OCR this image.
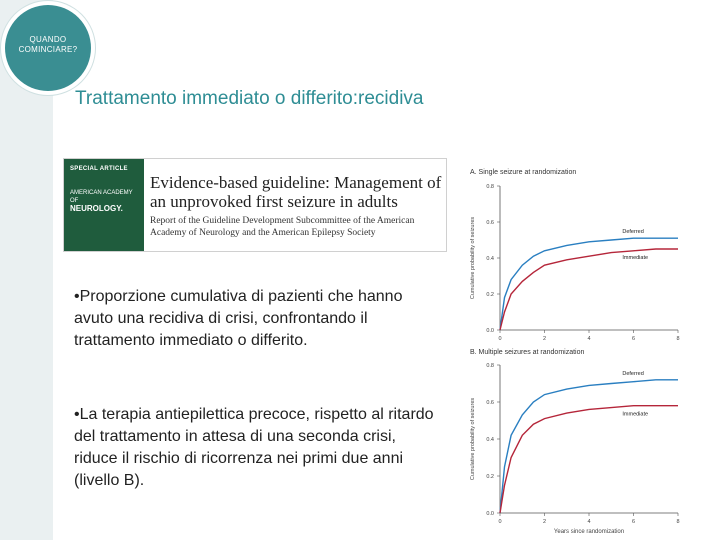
QUANDO COMINCIARE?
Trattamento immediato o differito:recidiva
SPECIAL ARTICLE
AMERICAN ACADEMY OF
NEUROLOGY.
Evidence-based guideline: Management of an unprovoked first seizure in adults
Report of the Guideline Development Subcommittee of the American Academy of Neurology and the American Epilepsy Society
•Proporzione cumulativa di pazienti che hanno avuto una recidiva di crisi, confrontando il trattamento immediato o differito.
•La terapia antiepilettica precoce, rispetto al ritardo del trattamento in attesa di una seconda crisi, riduce il rischio di ricorrenza nei primi due anni (livello B).
A. Single seizure at randomization
0.0
0.2
0.4
0.6
0.8
0	2	4	6	8
Cumulative probability of seizures	Deferred
Immediate
B. Multiple seizures at randomization
0.0
0.2
0.4
0.6
0.8
0	2	4	6	8
Cumulative probability of seizures
Years since randomization
Deferred
Immediate
